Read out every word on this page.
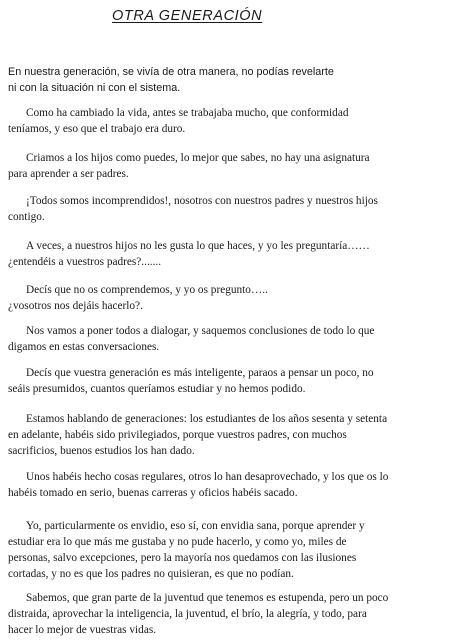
OTRA GENERACIÓN
En nuestra generación, se vivía de otra manera, no podías revelarte
ni con la situación ni con el sistema.
Como ha cambiado la vida, antes se trabajaba mucho, que conformidad
teníamos, y eso que el trabajo era duro.
Criamos a los hijos como puedes, lo mejor que sabes, no hay una asignatura
para aprender a ser padres.
¡Todos somos incomprendidos!, nosotros con nuestros padres y nuestros hijos
contigo.
A veces, a nuestros hijos no les gusta lo que haces, y yo les preguntaría……
¿entendéis a vuestros padres?.......
Decís que no os comprendemos, y yo os pregunto…..
¿vosotros nos dejáis hacerlo?.
Nos vamos a poner todos a dialogar, y saquemos conclusiones de todo lo que
digamos en estas conversaciones.
Decís que vuestra generación es más inteligente, paraos a pensar un poco, no
seáis presumidos, cuantos queríamos estudiar y no hemos podido.
Estamos hablando de generaciones: los estudiantes de los años sesenta y setenta
en adelante, habéis sido privilegiados, porque vuestros padres, con muchos
sacrificios, buenos estudios los han dado.
Unos habéis hecho cosas regulares, otros lo han desaprovechado, y los que os lo
habéis tomado en serio, buenas carreras y oficios habéis sacado.
Yo, particularmente os envidio, eso sí, con envidia sana, porque aprender y
estudiar era lo que más me gustaba y no pude hacerlo, y como yo, miles de
personas, salvo excepciones, pero la mayoría nos quedamos con las ilusiones
cortadas, y no es que los padres no quisieran, es que no podían.
Sabemos, que gran parte de la juventud que tenemos es estupenda, pero un poco
distraida, aprovechar la inteligencia, la juventud, el brío, la alegría, y todo, para
hacer lo mejor de vuestras vidas.
